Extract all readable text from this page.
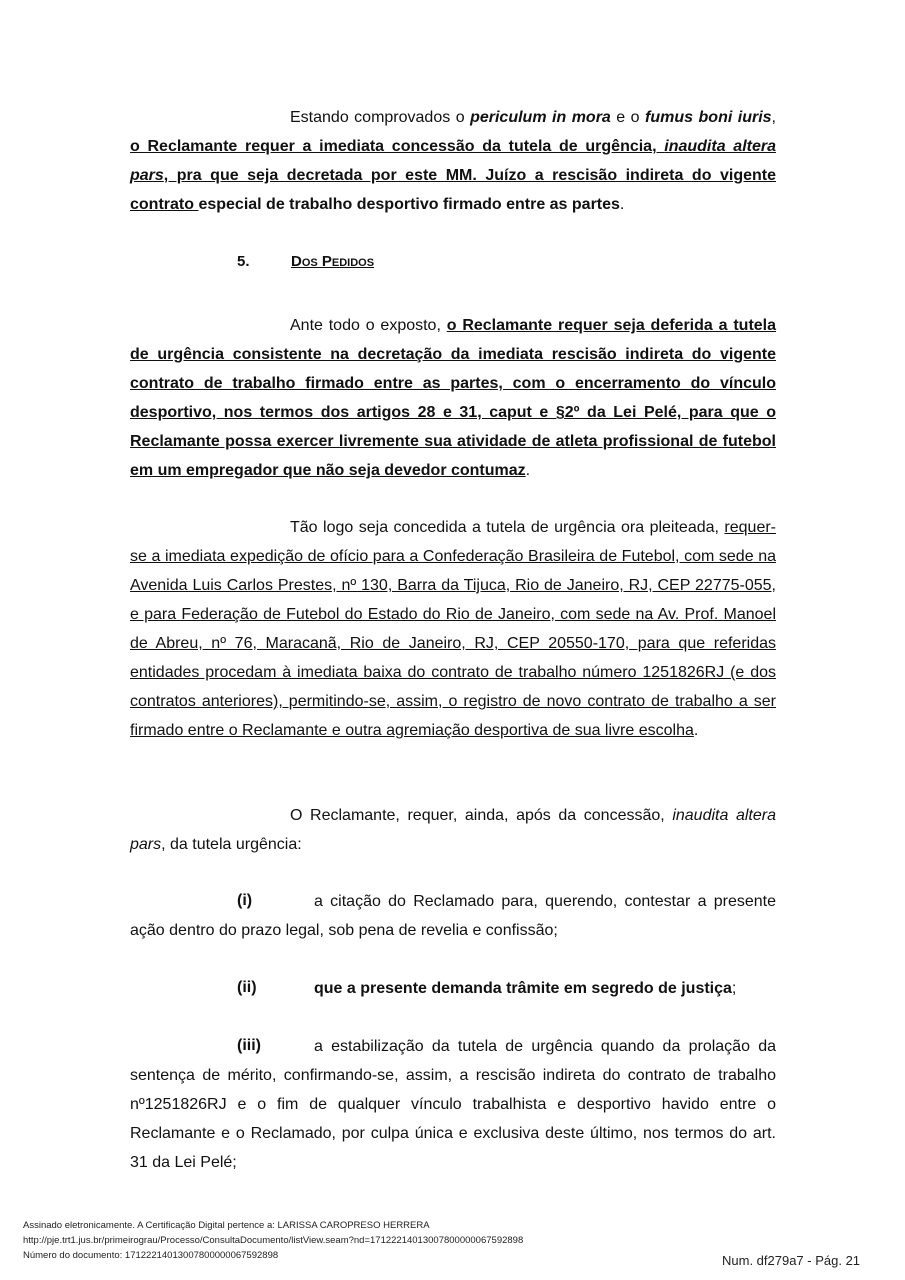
Estando comprovados o periculum in mora e o fumus boni iuris, o Reclamante requer a imediata concessão da tutela de urgência, inaudita altera pars, pra que seja decretada por este MM. Juízo a rescisão indireta do vigente contrato especial de trabalho desportivo firmado entre as partes.

5.	Dos Pedidos

Ante todo o exposto, o Reclamante requer seja deferida a tutela de urgência consistente na decretação da imediata rescisão indireta do vigente contrato de trabalho firmado entre as partes, com o encerramento do vínculo desportivo, nos termos dos artigos 28 e 31, caput e §2º da Lei Pelé, para que o Reclamante possa exercer livremente sua atividade de atleta profissional de futebol em um empregador que não seja devedor contumaz.

Tão logo seja concedida a tutela de urgência ora pleiteada, requer-se a imediata expedição de ofício para a Confederação Brasileira de Futebol, com sede na Avenida Luis Carlos Prestes, nº 130, Barra da Tijuca, Rio de Janeiro, RJ, CEP 22775-055, e para Federação de Futebol do Estado do Rio de Janeiro, com sede na Av. Prof. Manoel de Abreu, nº 76, Maracanã, Rio de Janeiro, RJ, CEP 20550-170, para que referidas entidades procedam à imediata baixa do contrato de trabalho número 1251826RJ (e dos contratos anteriores), permitindo-se, assim, o registro de novo contrato de trabalho a ser firmado entre o Reclamante e outra agremiação desportiva de sua livre escolha.

O Reclamante, requer, ainda, após da concessão, inaudita altera pars, da tutela urgência:

(i)	a citação do Reclamado para, querendo, contestar a presente ação dentro do prazo legal, sob pena de revelia e confissão;

(ii)	que a presente demanda trâmite em segredo de justiça;

(iii)	a estabilização da tutela de urgência quando da prolação da sentença de mérito, confirmando-se, assim, a rescisão indireta do contrato de trabalho nº1251826RJ e o fim de qualquer vínculo trabalhista e desportivo havido entre o Reclamante e o Reclamado, por culpa única e exclusiva deste último, nos termos do art. 31 da Lei Pelé;

Assinado eletronicamente. A Certificação Digital pertence a: LARISSA CAROPRESO HERRERA
http://pje.trt1.jus.br/primeirograu/Processo/ConsultaDocumento/listView.seam?nd=17122214013007800000067592898
Número do documento: 17122214013007800000067592898	Num. df279a7 - Pág. 21
